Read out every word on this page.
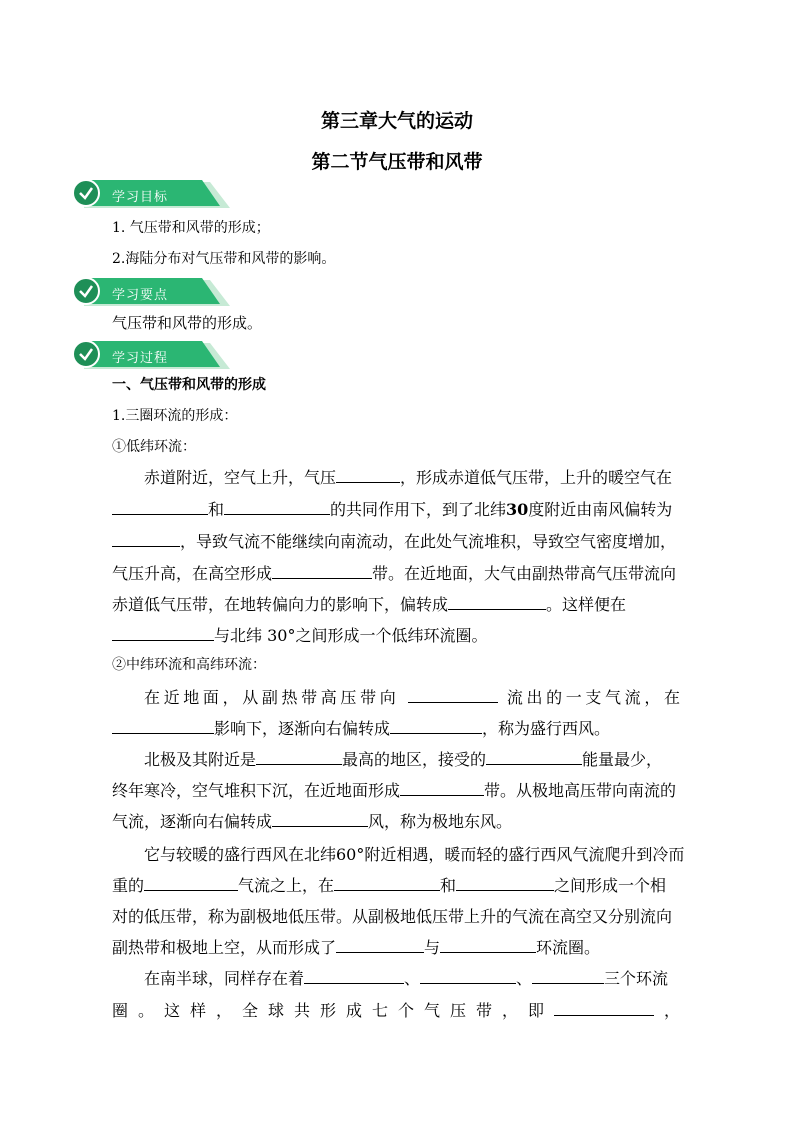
第三章大气的运动
第二节气压带和风带
学习目标
1. 气压带和风带的形成；
2.海陆分布对气压带和风带的影响。
学习要点
气压带和风带的形成。
学习过程
一、气压带和风带的形成
1.三圈环流的形成：
①低纬环流：
赤道附近，空气上升，气压	，形成赤道低气压带，上升的暖空气在
和	的共同作用下，到了北纬30度附近由南风偏转为
，导致气流不能继续向南流动，在此处气流堆积，导致空气密度增加，
气压升高，在高空形成	带。在近地面，大气由副热带高气压带流向
赤道低气压带，在地转偏向力的影响下，偏转成	。这样便在
与北纬 30°之间形成一个低纬环流圈。
②中纬环流和高纬环流：
在近地面，从副热带高压带向	流出的一支气流，在
影响下，逐渐向右偏转成	，称为盛行西风。
北极及其附近是	最高的地区，接受的	能量最少，
终年寒冷，空气堆积下沉，在近地面形成	带。从极地高压带向南流的
气流，逐渐向右偏转成	风，称为极地东风。
它与较暖的盛行西风在北纬60°附近相遇，暖而轻的盛行西风气流爬升到冷而
重的	气流之上，在	和	之间形成一个相
对的低压带，称为副极地低压带。从副极地低压带上升的气流在高空又分别流向
副热带和极地上空，从而形成了	与	环流圈。
在南半球，同样存在着	、	、	三个环流
圈 。 这 样 ， 全 球 共 形 成 七 个 气 压 带 ， 即	，
